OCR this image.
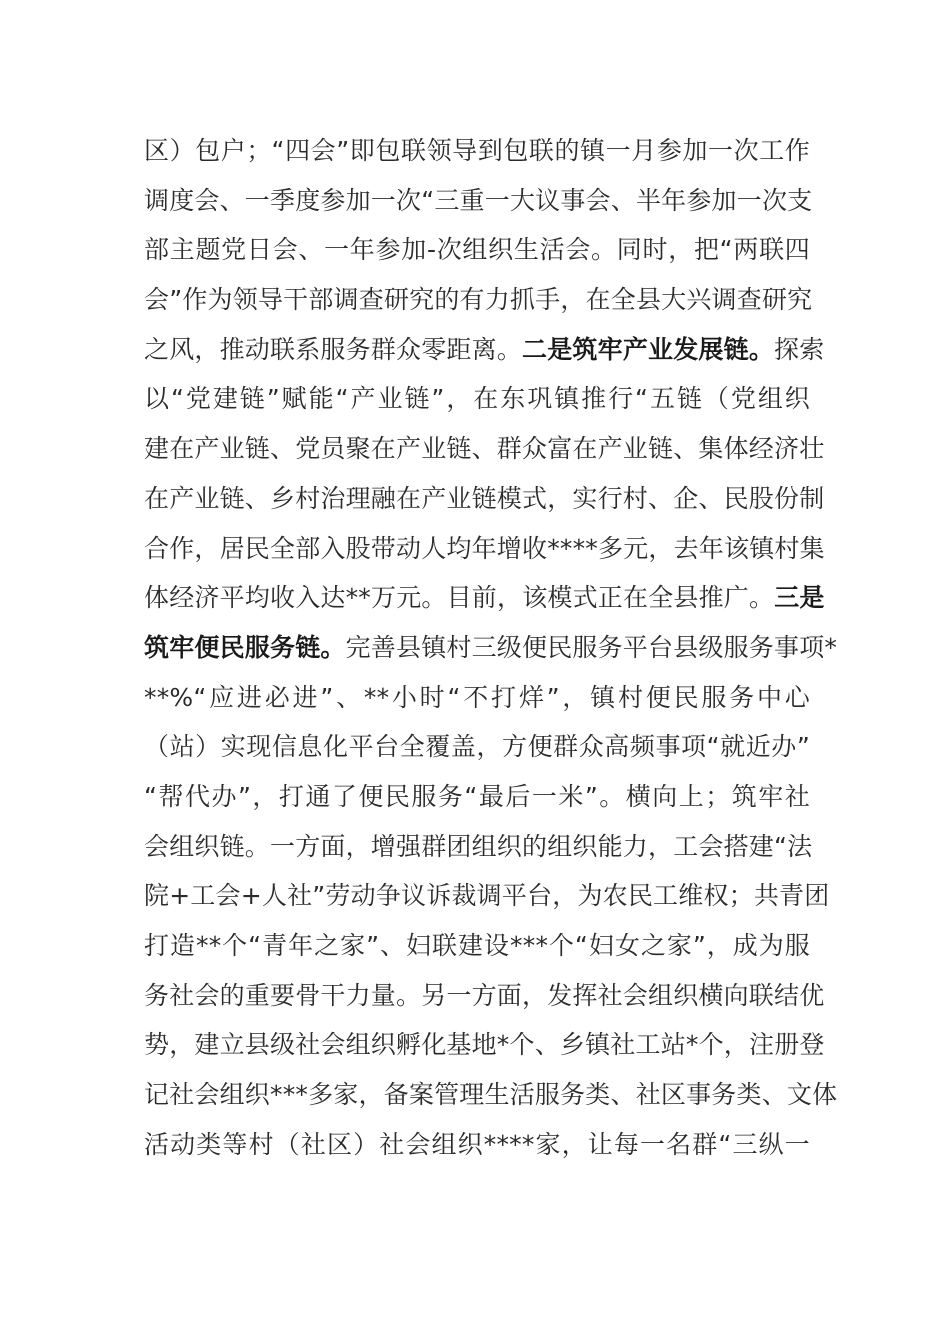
区）包户；“四会”即包联领导到包联的镇一月参加一次工作
调度会、一季度参加一次“三重一大议事会、半年参加一次支
部主题党日会、一年参加-次组织生活会。同时，把“两联四
会”作为领导干部调查研究的有力抓手，在全县大兴调查研究
之风，推动联系服务群众零距离。二是筑牢产业发展链。探索
以“党建链”赋能“产业链”，在东巩镇推行“五链（党组织
建在产业链、党员聚在产业链、群众富在产业链、集体经济壮
在产业链、乡村治理融在产业链模式，实行村、企、民股份制
合作，居民全部入股带动人均年增收****多元，去年该镇村集
体经济平均收入达**万元。目前，该模式正在全县推广。三是
筑牢便民服务链。完善县镇村三级便民服务平台县级服务事项*
**%“应进必进”、**小时“不打烊”，镇村便民服务中心
（站）实现信息化平台全覆盖，方便群众高频事项“就近办”
“帮代办”，打通了便民服务“最后一米”。横向上；筑牢社
会组织链。一方面，增强群团组织的组织能力，工会搭建“法
院+工会+人社”劳动争议诉裁调平台，为农民工维权；共青团
打造**个“青年之家”、妇联建设***个“妇女之家”，成为服
务社会的重要骨干力量。另一方面，发挥社会组织横向联结优
势，建立县级社会组织孵化基地*个、乡镇社工站*个，注册登
记社会组织***多家，备案管理生活服务类、社区事务类、文体
活动类等村（社区）社会组织****家，让每一名群“三纵一
